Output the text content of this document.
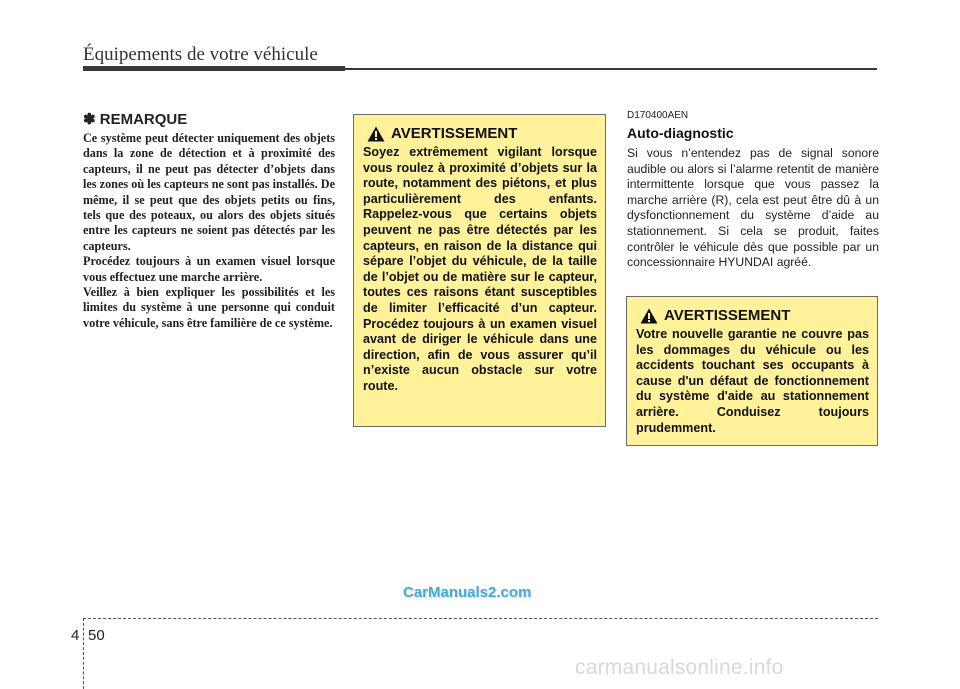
Équipements de votre véhicule
✽ REMARQUE

Ce système peut détecter uniquement des objets dans la zone de détection et à proximité des capteurs, il ne peut pas détecter d’objets dans les zones où les capteurs ne sont pas installés. De même, il se peut que des objets petits ou fins, tels que des poteaux, ou alors des objets situés entre les capteurs ne soient pas détectés par les capteurs.

Procédez toujours à un examen visuel lorsque vous effectuez une marche arrière.

Veillez à bien expliquer les possibilités et les limites du système à une personne qui conduit votre véhicule, sans être familière de ce système.

AVERTISSEMENT

Soyez extrêmement vigilant lorsque vous roulez à proximité d’objets sur la route, notamment des piétons, et plus particulièrement des enfants. Rappelez-vous que certains objets peuvent ne pas être détectés par les capteurs, en raison de la distance qui sépare l’objet du véhicule, de la taille de l’objet ou de matière sur le capteur, toutes ces raisons étant susceptibles de limiter l’efficacité d’un capteur. Procédez toujours à un examen visuel avant de diriger le véhicule dans une direction, afin de vous assurer qu’il n’existe aucun obstacle sur votre route.

D170400AEN
Auto-diagnostic

Si vous n’entendez pas de signal sonore audible ou alors si l’alarme retentit de manière intermittente lorsque que vous passez la marche arrière (R), cela est peut être dû à un dysfonctionnement du système d’aide au stationnement. Si cela se produit, faites contrôler le véhicule dès que possible par un concessionnaire HYUNDAI agréé.

AVERTISSEMENT

Votre nouvelle garantie ne couvre pas les dommages du véhicule ou les accidents touchant ses occupants à cause d'un défaut de fonctionnement du système d'aide au stationnement arrière. Conduisez toujours prudemment.

CarManuals2.com
4 50
carmanualsonline.info
